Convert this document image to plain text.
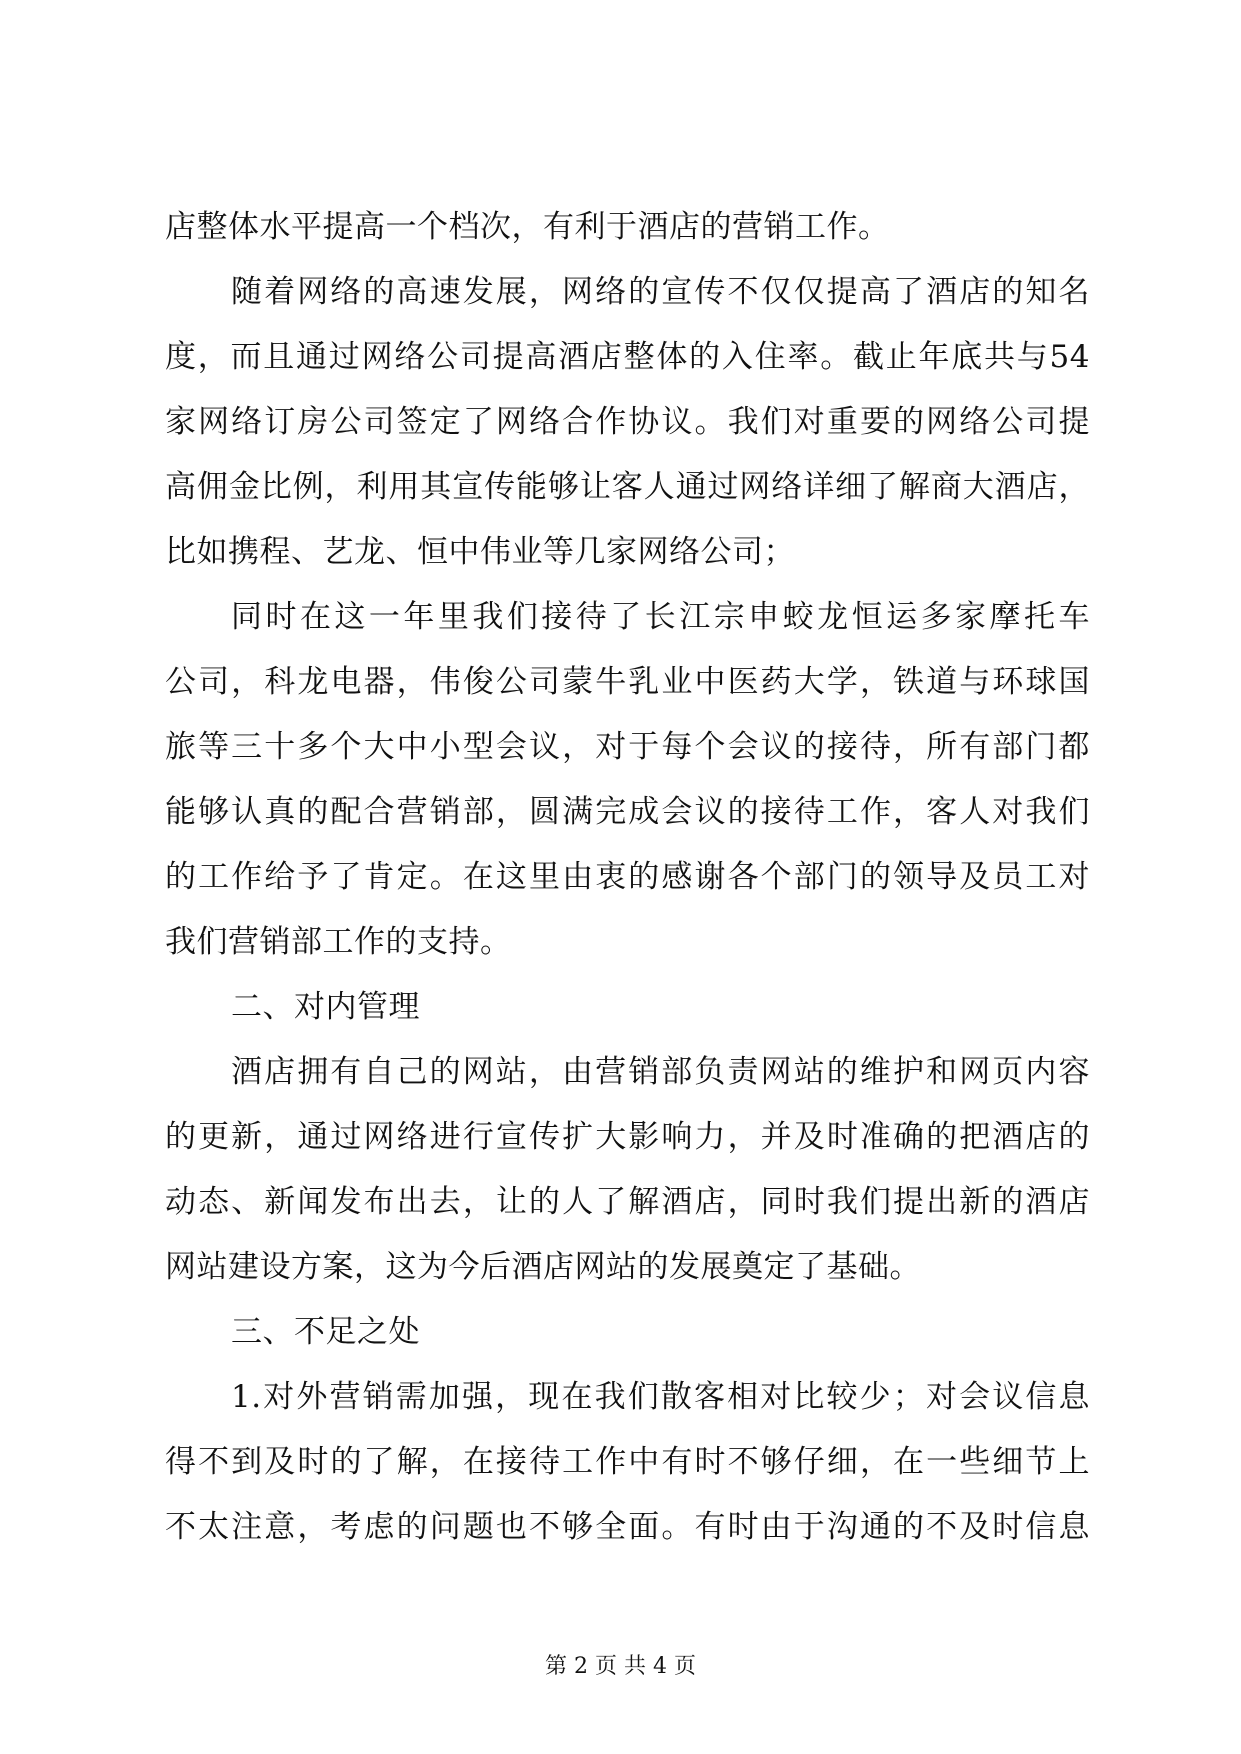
店整体水平提高一个档次，有利于酒店的营销工作。
随着网络的高速发展，网络的宣传不仅仅提高了酒店的知名
度，而且通过网络公司提高酒店整体的入住率。截止年底共与54
家网络订房公司签定了网络合作协议。我们对重要的网络公司提
高佣金比例，利用其宣传能够让客人通过网络详细了解商大酒店，
比如携程、艺龙、恒中伟业等几家网络公司；
同时在这一年里我们接待了长江宗申蛟龙恒运多家摩托车
公司，科龙电器，伟俊公司蒙牛乳业中医药大学，铁道与环球国
旅等三十多个大中小型会议，对于每个会议的接待，所有部门都
能够认真的配合营销部，圆满完成会议的接待工作，客人对我们
的工作给予了肯定。在这里由衷的感谢各个部门的领导及员工对
我们营销部工作的支持。
二、对内管理
酒店拥有自己的网站，由营销部负责网站的维护和网页内容
的更新，通过网络进行宣传扩大影响力，并及时准确的把酒店的
动态、新闻发布出去，让的人了解酒店，同时我们提出新的酒店
网站建设方案，这为今后酒店网站的发展奠定了基础。
三、不足之处
1.对外营销需加强，现在我们散客相对比较少；对会议信息
得不到及时的了解，在接待工作中有时不够仔细，在一些细节上
不太注意，考虑的问题也不够全面。有时由于沟通的不及时信息
第 2 页 共 4 页
